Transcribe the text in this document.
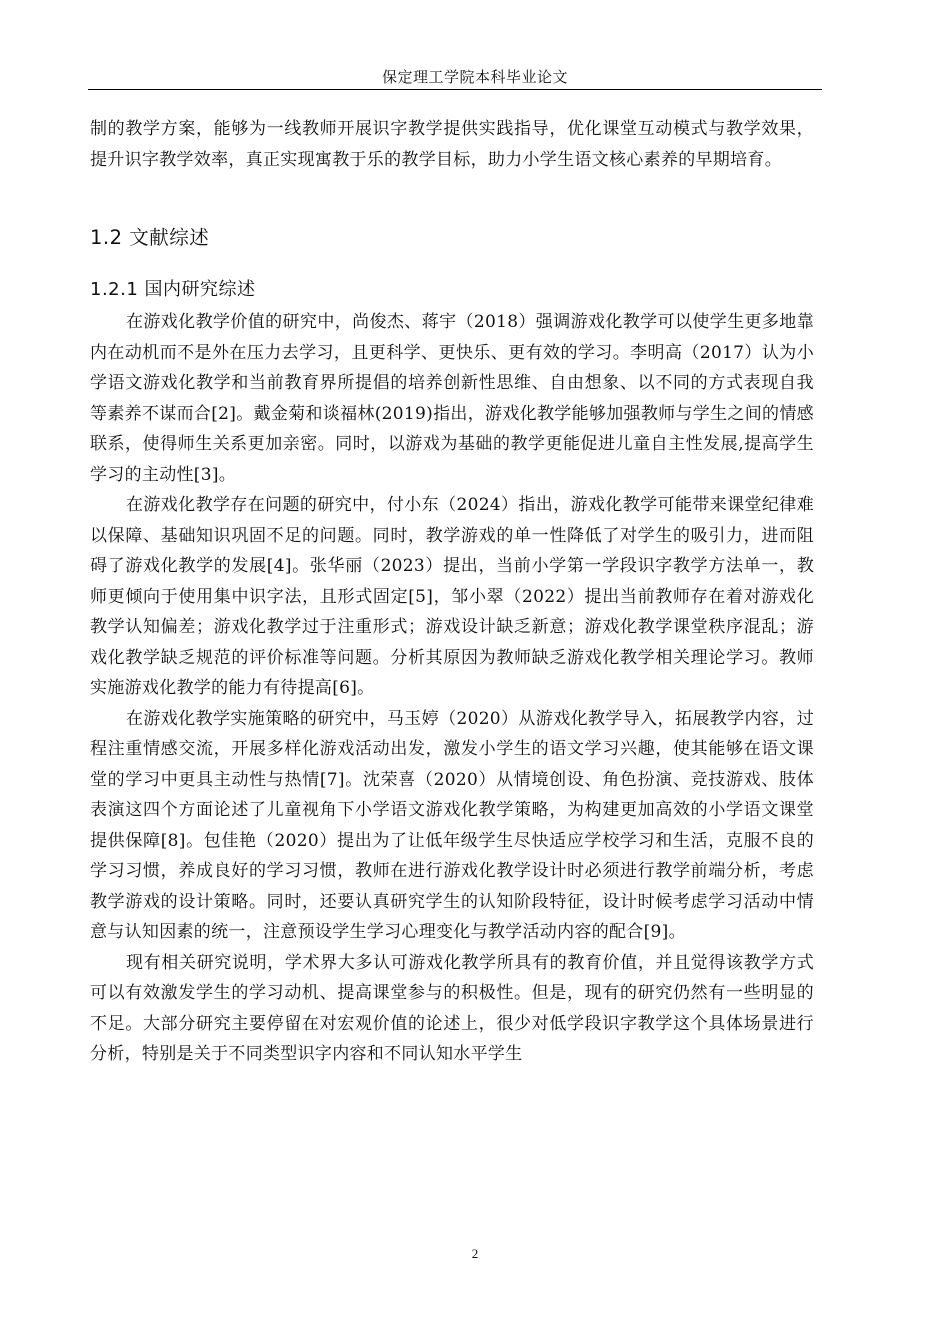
保定理工学院本科毕业论文

制的教学方案，能够为一线教师开展识字教学提供实践指导，优化课堂互动模式与教学效果，提升识字教学效率，真正实现寓教于乐的教学目标，助力小学生语文核心素养的早期培育。

1.2 文献综述
1.2.1 国内研究综述

在游戏化教学价值的研究中，尚俊杰、蒋宇（2018）强调游戏化教学可以使学生更多地靠内在动机而不是外在压力去学习，且更科学、更快乐、更有效的学习。李明高（2017）认为小学语文游戏化教学和当前教育界所提倡的培养创新性思维、自由想象、以不同的方式表现自我等素养不谋而合[2]。戴金菊和谈福林(2019)指出，游戏化教学能够加强教师与学生之间的情感联系，使得师生关系更加亲密。同时，以游戏为基础的教学更能促进儿童自主性发展,提高学生学习的主动性[3]。

在游戏化教学存在问题的研究中，付小东（2024）指出，游戏化教学可能带来课堂纪律难以保障、基础知识巩固不足的问题。同时，教学游戏的单一性降低了对学生的吸引力，进而阻碍了游戏化教学的发展[4]。张华丽（2023）提出，当前小学第一学段识字教学方法单一，教师更倾向于使用集中识字法，且形式固定[5]，邹小翠（2022）提出当前教师存在着对游戏化教学认知偏差；游戏化教学过于注重形式；游戏设计缺乏新意；游戏化教学课堂秩序混乱；游戏化教学缺乏规范的评价标准等问题。分析其原因为教师缺乏游戏化教学相关理论学习。教师实施游戏化教学的能力有待提高[6]。

在游戏化教学实施策略的研究中，马玉婷（2020）从游戏化教学导入，拓展教学内容，过程注重情感交流，开展多样化游戏活动出发，激发小学生的语文学习兴趣，使其能够在语文课堂的学习中更具主动性与热情[7]。沈荣喜（2020）从情境创设、角色扮演、竞技游戏、肢体表演这四个方面论述了儿童视角下小学语文游戏化教学策略，为构建更加高效的小学语文课堂提供保障[8]。包佳艳（2020）提出为了让低年级学生尽快适应学校学习和生活，克服不良的学习习惯，养成良好的学习习惯，教师在进行游戏化教学设计时必须进行教学前端分析，考虑教学游戏的设计策略。同时，还要认真研究学生的认知阶段特征，设计时候考虑学习活动中情意与认知因素的统一，注意预设学生学习心理变化与教学活动内容的配合[9]。

现有相关研究说明，学术界大多认可游戏化教学所具有的教育价值，并且觉得该教学方式可以有效激发学生的学习动机、提高课堂参与的积极性。但是，现有的研究仍然有一些明显的不足。大部分研究主要停留在对宏观价值的论述上，很少对低学段识字教学这个具体场景进行分析，特别是关于不同类型识字内容和不同认知水平学生

2
